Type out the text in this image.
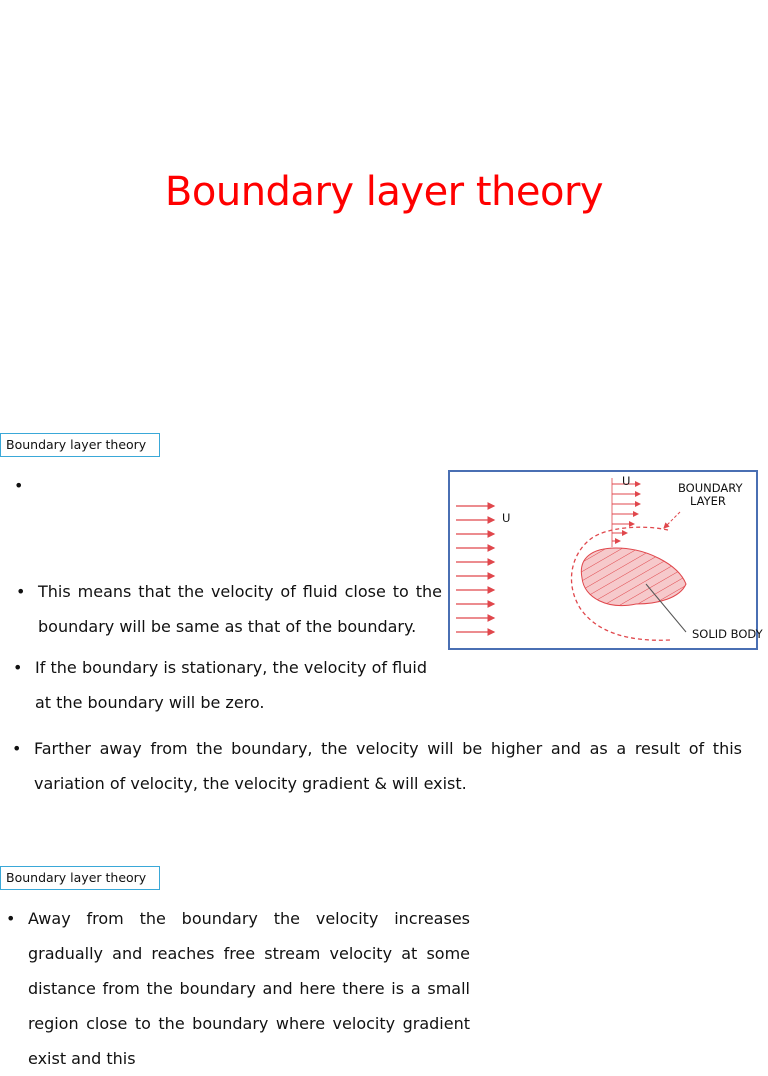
Boundary layer theory
Boundary layer theory
•
U
U	BOUNDARY
LAYER
SOLID BODY
• This means that the velocity of fluid close to the boundary will be same as that of the boundary.
• If the boundary is stationary, the velocity of fluid at the boundary will be zero.
• Farther away from the boundary, the velocity will be higher and as a result of this variation of velocity, the velocity gradient & will exist.
Boundary layer theory
• Away from the boundary the velocity increases gradually and reaches free stream velocity at some distance from the boundary and here there is a small region close to the boundary where velocity gradient exist and this
